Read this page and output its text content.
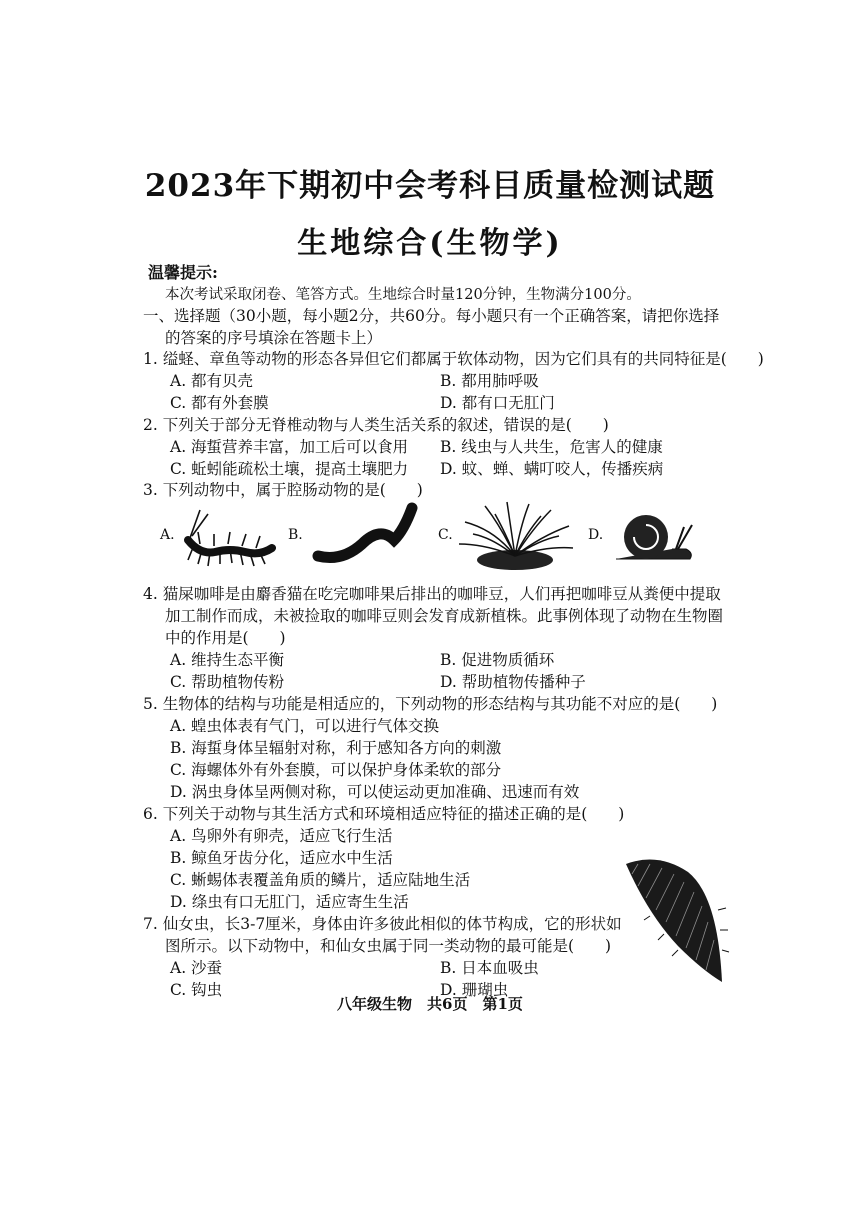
2023年下期初中会考科目质量检测试题
生地综合(生物学)
温馨提示:
本次考试采取闭卷、笔答方式。生地综合时量120分钟，生物满分100分。
一、选择题（30小题，每小题2分，共60分。每小题只有一个正确答案，请把你选择
的答案的序号填涂在答题卡上）
1. 缢蛏、章鱼等动物的形态各异但它们都属于软体动物，因为它们具有的共同特征是(　　)
A. 都有贝壳	B. 都用肺呼吸
C. 都有外套膜	D. 都有口无肛门
2. 下列关于部分无脊椎动物与人类生活关系的叙述，错误的是(　　)
A. 海蜇营养丰富，加工后可以食用 B. 线虫与人共生，危害人的健康
C. 蚯蚓能疏松土壤，提高土壤肥力 D. 蚊、蝉、螨叮咬人，传播疾病
3. 下列动物中，属于腔肠动物的是(　　)
A.	B.	C.	D.
4. 猫屎咖啡是由麝香猫在吃完咖啡果后排出的咖啡豆，人们再把咖啡豆从粪便中提取
加工制作而成，未被捡取的咖啡豆则会发育成新植株。此事例体现了动物在生物圈
中的作用是(　　)
A. 维持生态平衡	B. 促进物质循环
C. 帮助植物传粉	D. 帮助植物传播种子
5. 生物体的结构与功能是相适应的，下列动物的形态结构与其功能不对应的是(　　)
A. 蝗虫体表有气门，可以进行气体交换
B. 海蜇身体呈辐射对称，利于感知各方向的刺激
C. 海螺体外有外套膜，可以保护身体柔软的部分
D. 涡虫身体呈两侧对称，可以使运动更加准确、迅速而有效
6. 下列关于动物与其生活方式和环境相适应特征的描述正确的是(　　)
A. 鸟卵外有卵壳，适应飞行生活
B. 鲸鱼牙齿分化，适应水中生活
C. 蜥蜴体表覆盖角质的鳞片，适应陆地生活
D. 绦虫有口无肛门，适应寄生生活
7. 仙女虫，长3-7厘米，身体由许多彼此相似的体节构成，它的形状如
图所示。以下动物中，和仙女虫属于同一类动物的最可能是(　　)
A. 沙蚕	B. 日本血吸虫
C. 钩虫	D. 珊瑚虫
八年级生物　共6页　第1页
